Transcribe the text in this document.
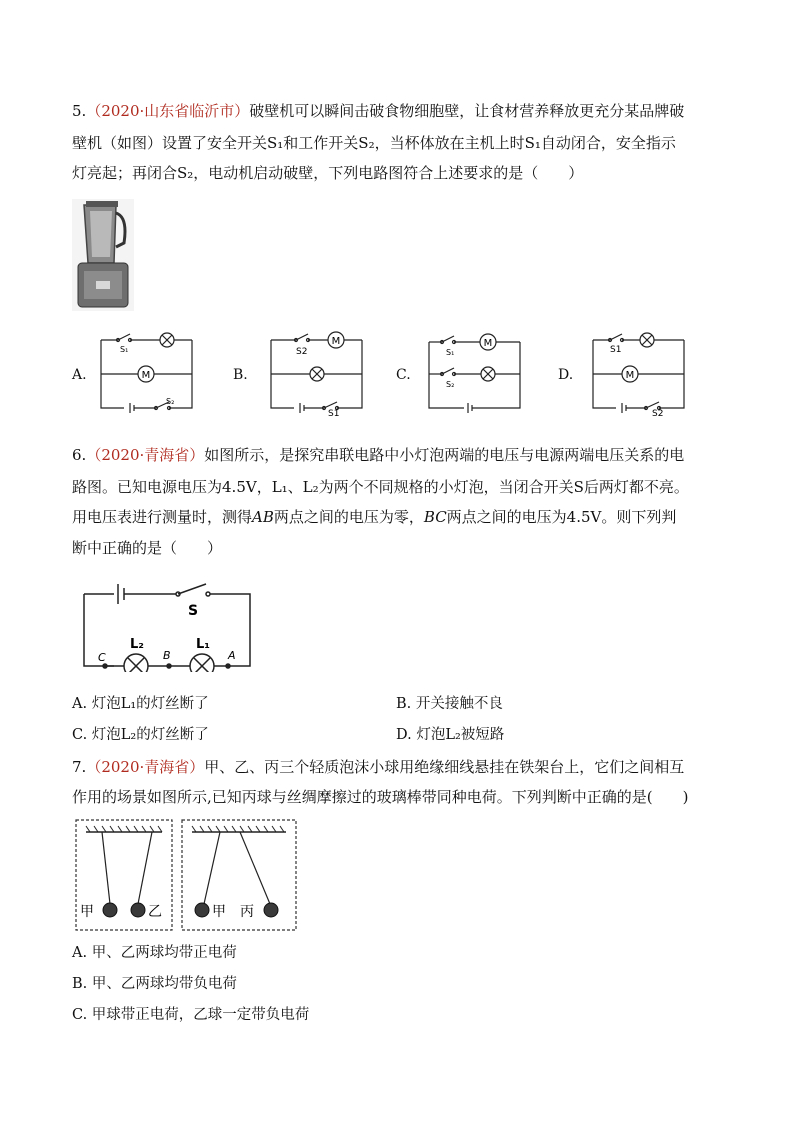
5.（2020·山东省临沂市）破壁机可以瞬间击破食物细胞壁，让食材营养释放更充分某品牌破
壁机（如图）设置了安全开关S₁和工作开关S₂，当杯体放在主机上时S₁自动闭合，安全指示
灯亮起；再闭合S₂，电动机启动破壁，下列电路图符合上述要求的是（　　）
A.	M
S₁
S₂
B.
M
S2
S1
C.
M
S₁
S₂
D.	M
S1
S2
6.（2020·青海省）如图所示，是探究串联电路中小灯泡两端的电压与电源两端电压关系的电
路图。已知电源电压为4.5V，L₁、L₂为两个不同规格的小灯泡，当闭合开关S后两灯都不亮。
用电压表进行测量时，测得AB两点之间的电压为零，BC两点之间的电压为4.5V。则下列判
断中正确的是（　　）
S
L₂	L₁
C	B	A
A. 灯泡L₁的灯丝断了	B. 开关接触不良
C. 灯泡L₂的灯丝断了	D. 灯泡L₂被短路
7.（2020·青海省）甲、乙、丙三个轻质泡沫小球用绝缘细线悬挂在铁架台上，它们之间相互
作用的场景如图所示,已知丙球与丝绸摩擦过的玻璃棒带同种电荷。下列判断中正确的是(　　)
甲	乙	甲 丙
A. 甲、乙两球均带正电荷
B. 甲、乙两球均带负电荷
C. 甲球带正电荷，乙球一定带负电荷
